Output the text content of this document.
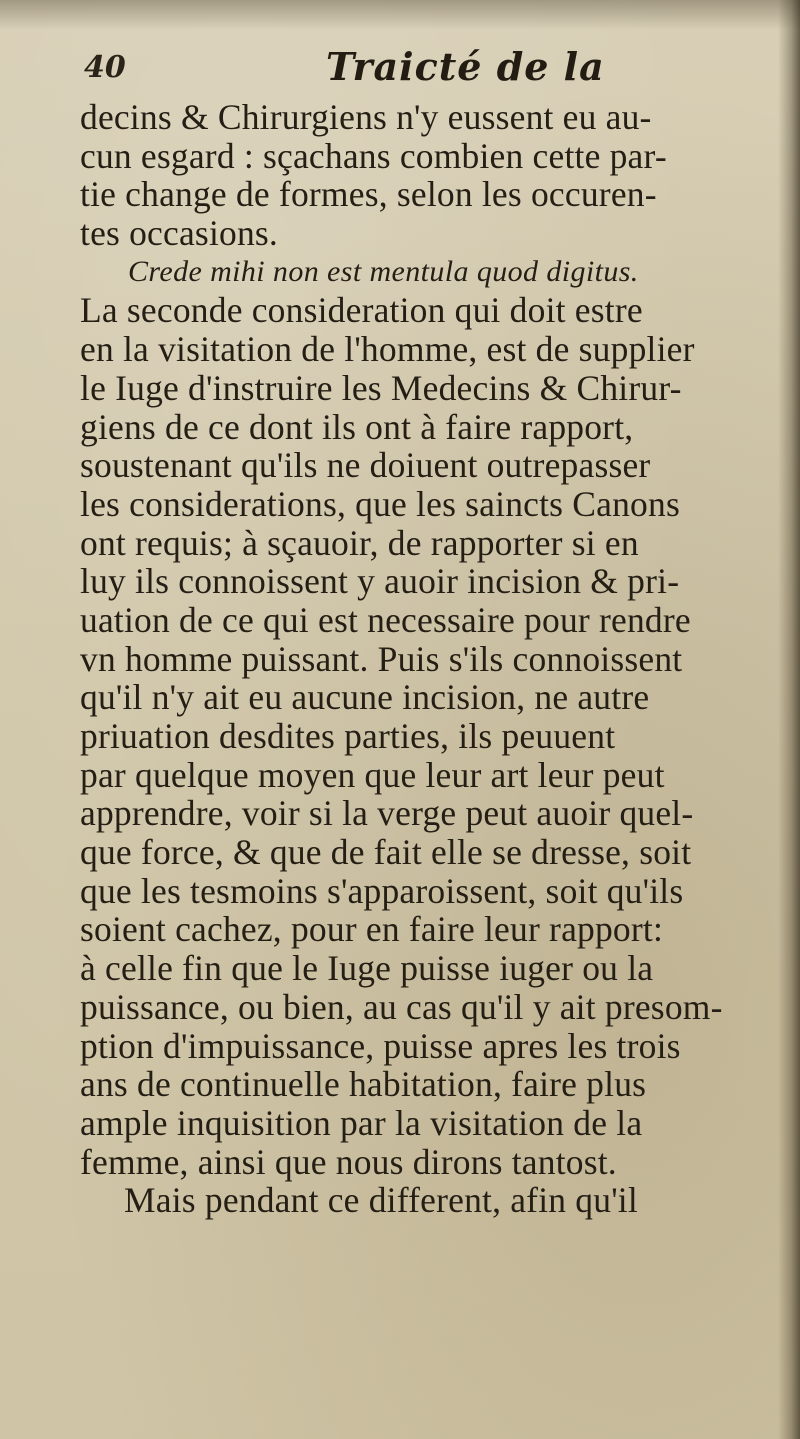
40	Traicté de la
decins & Chirurgiens n'y eussent eu au-
cun esgard : sçachans combien cette par-
tie change de formes, selon les occuren-
tes occasions.
Crede mihi non est mentula quod digitus.
La seconde consideration qui doit estre
en la visitation de l'homme, est de supplier
le Iuge d'instruire les Medecins & Chirur-
giens de ce dont ils ont à faire rapport,
soustenant qu'ils ne doiuent outrepasser
les considerations, que les saincts Canons
ont requis; à sçauoir, de rapporter si en
luy ils connoissent y auoir incision & pri-
uation de ce qui est necessaire pour rendre
vn homme puissant. Puis s'ils connoissent
qu'il n'y ait eu aucune incision, ne autre
priuation desdites parties, ils peuuent
par quelque moyen que leur art leur peut
apprendre, voir si la verge peut auoir quel-
que force, & que de fait elle se dresse, soit
que les tesmoins s'apparoissent, soit qu'ils
soient cachez, pour en faire leur rapport:
à celle fin que le Iuge puisse iuger ou la
puissance, ou bien, au cas qu'il y ait presom-
ption d'impuissance, puisse apres les trois
ans de continuelle habitation, faire plus
ample inquisition par la visitation de la
femme, ainsi que nous dirons tantost.
Mais pendant ce different, afin qu'il
